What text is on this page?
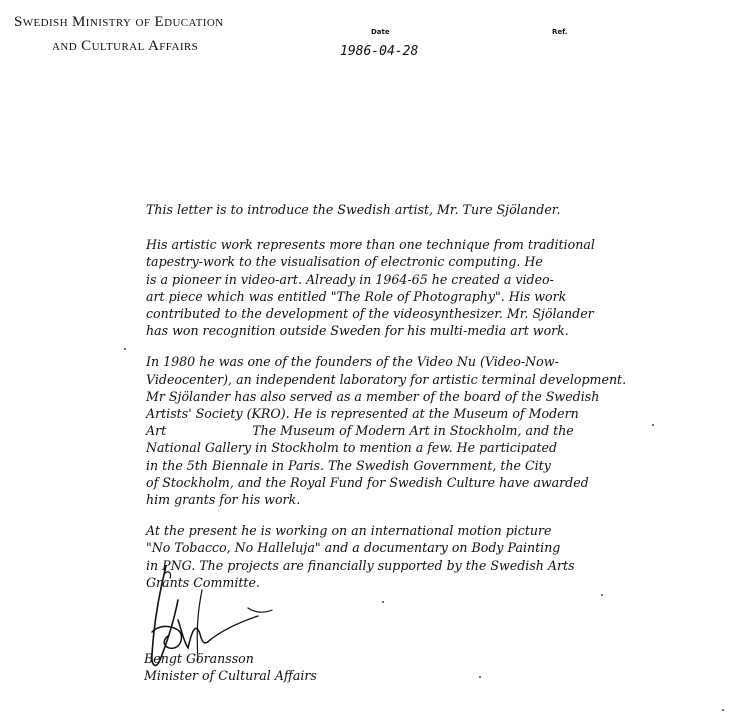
Swedish Ministry of Education
and Cultural Affairs
Date	Ref.
1986-04-28

This letter is to introduce the Swedish artist, Mr. Ture Sjölander.

His artistic work represents more than one technique from traditional
tapestry-work to the visualisation of electronic computing. He
is a pioneer in video-art. Already in 1964-65 he created a video-
art piece which was entitled "The Role of Photography". His work
contributed to the development of the videosynthesizer. Mr. Sjölander
has won recognition outside Sweden for his multi-media art work.

In 1980 he was one of the founders of the Video Nu (Video-Now-
Videocenter), an independent laboratory for artistic terminal development.
Mr Sjölander has also served as a member of the board of the Swedish
Artists' Society (KRO). He is represented at the Museum of Modern
Art	The Museum of Modern Art in Stockholm, and the
National Gallery in Stockholm to mention a few. He participated
in the 5th Biennale in Paris. The Swedish Government, the City
of Stockholm, and the Royal Fund for Swedish Culture have awarded
him grants for his work.

At the present he is working on an international motion picture
"No Tobacco, No Halleluja" and a documentary on Body Painting
in PNG. The projects are financially supported by the Swedish Arts
Grants Committe.

Bengt Göransson
Minister of Cultural Affairs
